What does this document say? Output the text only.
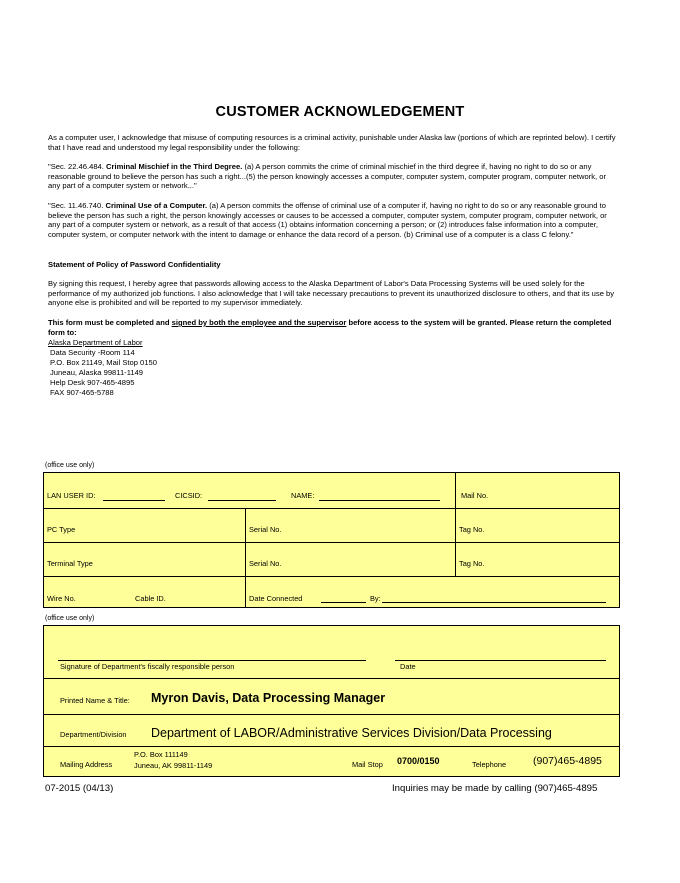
CUSTOMER ACKNOWLEDGEMENT
As a computer user, I acknowledge that misuse of computing resources is a criminal activity, punishable under Alaska law (portions of which are reprinted below). I certify that I have read and understood my legal responsibility under the following:
"Sec. 22.46.484. Criminal Mischief in the Third Degree. (a) A person commits the crime of criminal mischief in the third degree if, having no right to do so or any reasonable ground to believe the person has such a right...(5) the person knowingly accesses a computer, computer system, computer program, computer network, or any part of a computer system or network..."
"Sec. 11.46.740. Criminal Use of a Computer. (a) A person commits the offense of criminal use of a computer if, having no right to do so or any reasonable ground to believe the person has such a right, the person knowingly accesses or causes to be accessed a computer, computer system, computer program, computer network, or any part of a computer system or network, as a result of that access (1) obtains information concerning a person; or (2) introduces false information into a computer, computer system, or computer network with the intent to damage or enhance the data record of a person. (b) Criminal use of a computer is a class C felony."
Statement of Policy of Password Confidentiality
By signing this request, I hereby agree that passwords allowing access to the Alaska Department of Labor's Data Processing Systems will be used solely for the performance of my authorized job functions. I also acknowledge that I will take necessary precautions to prevent its unauthorized disclosure to others, and that its use by anyone else is prohibited and will be reported to my supervisor immediately.
This form must be completed and signed by both the employee and the supervisor before access to the system will be granted. Please return the completed form to:
Alaska Department of Labor
Data Security -Room 114
P.O. Box 21149, Mail Stop 0150
Juneau, Alaska 99811-1149
Help Desk 907-465-4895
FAX 907-465-5788
(office use only)
LAN USER ID:	CICSID:	NAME:	Mail No.
PC Type	Serial No.	Tag No.
Terminal Type	Serial No.	Tag No.
Wire No.	Cable ID.	Date Connected	By:
(office use only)
Signature of Department's fiscally responsible person	Date
Printed Name & Title: Myron Davis, Data Processing Manager
Department/Division Department of LABOR/Administrative Services Division/Data Processing
Mailing Address
P.O. Box 111149
Juneau, AK 99811-1149	Mail Stop 0700/0150	Telephone	(907)465-4895
07-2015 (04/13)	Inquiries may be made by calling (907)465-4895
